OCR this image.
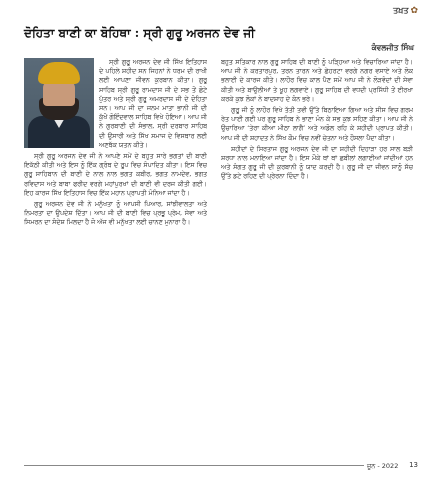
ਤਖ਼ਤ ✿
ਦੋਹਿਤਾ ਬਾਣੀ ਕਾ ਬੋਹਿਥਾ : ਸ੍ਰੀ ਗੁਰੂ ਅਰਜਨ ਦੇਵ ਜੀ
ਕੰਵਲਜੀਤ ਸਿੰਘ

ਸ੍ਰੀ ਗੁਰੂ ਅਰਜਨ ਦੇਵ ਜੀ ਸਿੱਖ ਇਤਿਹਾਸ ਦੇ ਪਹਿਲੇ ਸ਼ਹੀਦ ਸਨ ਜਿਹਨਾਂ ਨੇ ਧਰਮ ਦੀ ਰਾਖੀ ਲਈ ਆਪਣਾ ਜੀਵਨ ਕੁਰਬਾਨ ਕੀਤਾ। ਗੁਰੂ ਸਾਹਿਬ ਸ੍ਰੀ ਗੁਰੂ ਰਾਮਦਾਸ ਜੀ ਦੇ ਸਭ ਤੋਂ ਛੋਟੇ ਪੁੱਤਰ ਅਤੇ ਸ੍ਰੀ ਗੁਰੂ ਅਮਰਦਾਸ ਜੀ ਦੇ ਦੋਹਿਤਾ ਸਨ। ਆਪ ਜੀ ਦਾ ਜਨਮ ਮਾਤਾ ਭਾਨੀ ਜੀ ਦੀ ਕੁੱਖੋਂ ਗੋਇੰਦਵਾਲ ਸਾਹਿਬ ਵਿਖੇ ਹੋਇਆ। ਆਪ ਜੀ ਨੇ ਗੁਰਬਾਣੀ ਦੀ ਸੰਭਾਲ, ਸ੍ਰੀ ਦਰਬਾਰ ਸਾਹਿਬ ਦੀ ਉਸਾਰੀ ਅਤੇ ਸਿੱਖ ਸਮਾਜ ਦੇ ਵਿਸਥਾਰ ਲਈ ਅਣਥੱਕ ਯਤਨ ਕੀਤੇ।

ਸ੍ਰੀ ਗੁਰੂ ਅਰਜਨ ਦੇਵ ਜੀ ਨੇ ਆਪਣੇ ਸਮੇਂ ਦੇ ਬਹੁਤ ਸਾਰੇ ਭਗਤਾਂ ਦੀ ਬਾਣੀ ਇਕੱਠੀ ਕੀਤੀ ਅਤੇ ਇਸ ਨੂੰ ਇੱਕ ਗ੍ਰੰਥ ਦੇ ਰੂਪ ਵਿਚ ਸੰਪਾਦਿਤ ਕੀਤਾ। ਇਸ ਵਿਚ ਗੁਰੂ ਸਾਹਿਬਾਨ ਦੀ ਬਾਣੀ ਦੇ ਨਾਲ ਨਾਲ ਭਗਤ ਕਬੀਰ, ਭਗਤ ਨਾਮਦੇਵ, ਭਗਤ ਰਵਿਦਾਸ ਅਤੇ ਬਾਬਾ ਫਰੀਦ ਵਰਗੇ ਮਹਾਂਪੁਰਖਾਂ ਦੀ ਬਾਣੀ ਵੀ ਦਰਜ ਕੀਤੀ ਗਈ। ਇਹ ਕਾਰਜ ਸਿੱਖ ਇਤਿਹਾਸ ਵਿਚ ਇੱਕ ਮਹਾਨ ਪ੍ਰਾਪਤੀ ਮੰਨਿਆ ਜਾਂਦਾ ਹੈ।

ਗੁਰੂ ਅਰਜਨ ਦੇਵ ਜੀ ਨੇ ਮਨੁੱਖਤਾ ਨੂੰ ਆਪਸੀ ਪਿਆਰ, ਸਾਂਝੀਵਾਲਤਾ ਅਤੇ ਨਿਮਰਤਾ ਦਾ ਉਪਦੇਸ਼ ਦਿੱਤਾ। ਆਪ ਜੀ ਦੀ ਬਾਣੀ ਵਿਚ ਪ੍ਰਭੂ ਪ੍ਰੇਮ, ਸੇਵਾ ਅਤੇ ਸਿਮਰਨ ਦਾ ਸੰਦੇਸ਼ ਮਿਲਦਾ ਹੈ ਜੋ ਅੱਜ ਵੀ ਮਨੁੱਖਤਾ ਲਈ ਚਾਨਣ ਮੁਨਾਰਾ ਹੈ।

ਬਹੁਤ ਸਤਿਕਾਰ ਨਾਲ ਗੁਰੂ ਸਾਹਿਬ ਦੀ ਬਾਣੀ ਨੂੰ ਪੜ੍ਹਿਆ ਅਤੇ ਵਿਚਾਰਿਆ ਜਾਂਦਾ ਹੈ। ਆਪ ਜੀ ਨੇ ਕਰਤਾਰਪੁਰ, ਤਰਨ ਤਾਰਨ ਅਤੇ ਛੇਹਰਟਾ ਵਰਗੇ ਨਗਰ ਵਸਾਏ ਅਤੇ ਲੋਕ ਭਲਾਈ ਦੇ ਕਾਰਜ ਕੀਤੇ। ਲਾਹੌਰ ਵਿਚ ਕਾਲ ਪੈਣ ਸਮੇਂ ਆਪ ਜੀ ਨੇ ਲੋੜਵੰਦਾਂ ਦੀ ਸੇਵਾ ਕੀਤੀ ਅਤੇ ਬਾਉਲੀਆਂ ਤੇ ਖੂਹ ਲਗਵਾਏ। ਗੁਰੂ ਸਾਹਿਬ ਦੀ ਵਧਦੀ ਪ੍ਰਸਿੱਧੀ ਤੋਂ ਈਰਖਾ ਕਰਕੇ ਕੁਝ ਲੋਕਾਂ ਨੇ ਬਾਦਸ਼ਾਹ ਦੇ ਕੰਨ ਭਰੇ।

ਗੁਰੂ ਜੀ ਨੂੰ ਲਾਹੌਰ ਵਿਖੇ ਤੱਤੀ ਤਵੀ ਉੱਤੇ ਬਿਠਾਇਆ ਗਿਆ ਅਤੇ ਸੀਸ ਵਿਚ ਗਰਮ ਰੇਤ ਪਾਈ ਗਈ ਪਰ ਗੁਰੂ ਸਾਹਿਬ ਨੇ ਭਾਣਾ ਮੰਨ ਕੇ ਸਭ ਕੁਝ ਸਹਿਣ ਕੀਤਾ। ਆਪ ਜੀ ਨੇ ਉਚਾਰਿਆ ‘ਤੇਰਾ ਕੀਆ ਮੀਠਾ ਲਾਗੈ’ ਅਤੇ ਅਡੋਲ ਰਹਿ ਕੇ ਸ਼ਹੀਦੀ ਪ੍ਰਾਪਤ ਕੀਤੀ। ਆਪ ਜੀ ਦੀ ਸ਼ਹਾਦਤ ਨੇ ਸਿੱਖ ਕੌਮ ਵਿਚ ਨਵੀਂ ਚੇਤਨਾ ਅਤੇ ਹੌਸਲਾ ਪੈਦਾ ਕੀਤਾ।

ਸ਼ਹੀਦਾਂ ਦੇ ਸਿਰਤਾਜ ਗੁਰੂ ਅਰਜਨ ਦੇਵ ਜੀ ਦਾ ਸ਼ਹੀਦੀ ਦਿਹਾੜਾ ਹਰ ਸਾਲ ਬੜੀ ਸ਼ਰਧਾ ਨਾਲ ਮਨਾਇਆ ਜਾਂਦਾ ਹੈ। ਇਸ ਮੌਕੇ ਥਾਂ ਥਾਂ ਛਬੀਲਾਂ ਲਗਾਈਆਂ ਜਾਂਦੀਆਂ ਹਨ ਅਤੇ ਸੰਗਤ ਗੁਰੂ ਜੀ ਦੀ ਕੁਰਬਾਨੀ ਨੂੰ ਯਾਦ ਕਰਦੀ ਹੈ। ਗੁਰੂ ਜੀ ਦਾ ਜੀਵਨ ਸਾਨੂੰ ਸੱਚ ਉੱਤੇ ਡਟੇ ਰਹਿਣ ਦੀ ਪ੍ਰੇਰਨਾ ਦਿੰਦਾ ਹੈ।

ਜੂਨ - 2022	13
